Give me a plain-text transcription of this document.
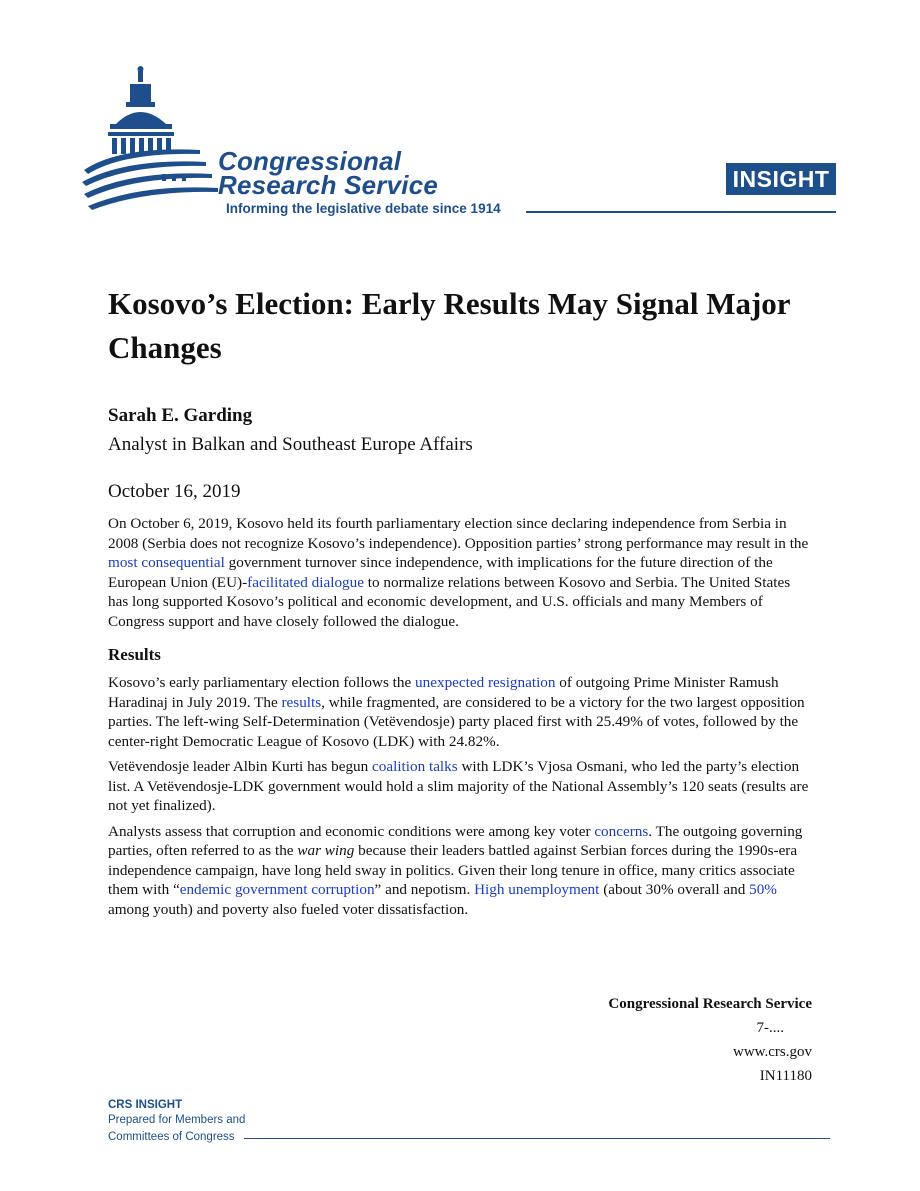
Congressional
Research Service
Informing the legislative debate since 1914
INSIGHT
Kosovo’s Election: Early Results May Signal Major Changes
Sarah E. Garding
Analyst in Balkan and Southeast Europe Affairs
October 16, 2019

On October 6, 2019, Kosovo held its fourth parliamentary election since declaring independence from Serbia in 2008 (Serbia does not recognize Kosovo’s independence). Opposition parties’ strong performance may result in the most consequential government turnover since independence, with implications for the future direction of the European Union (EU)-facilitated dialogue to normalize relations between Kosovo and Serbia. The United States has long supported Kosovo’s political and economic development, and U.S. officials and many Members of Congress support and have closely followed the dialogue.

Results

Kosovo’s early parliamentary election follows the unexpected resignation of outgoing Prime Minister Ramush Haradinaj in July 2019. The results, while fragmented, are considered to be a victory for the two largest opposition parties. The left-wing Self-Determination (Vetëvendosje) party placed first with 25.49% of votes, followed by the center-right Democratic League of Kosovo (LDK) with 24.82%.

Vetëvendosje leader Albin Kurti has begun coalition talks with LDK’s Vjosa Osmani, who led the party’s election list. A Vetëvendosje-LDK government would hold a slim majority of the National Assembly’s 120 seats (results are not yet finalized).

Analysts assess that corruption and economic conditions were among key voter concerns. The outgoing governing parties, often referred to as the war wing because their leaders battled against Serbian forces during the 1990s-era independence campaign, have long held sway in politics. Given their long tenure in office, many critics associate them with “endemic government corruption” and nepotism. High unemployment (about 30% overall and 50% among youth) and poverty also fueled voter dissatisfaction.

Congressional Research Service
7-....
www.crs.gov
IN11180
CRS INSIGHT
Prepared for Members and
Committees of Congress
